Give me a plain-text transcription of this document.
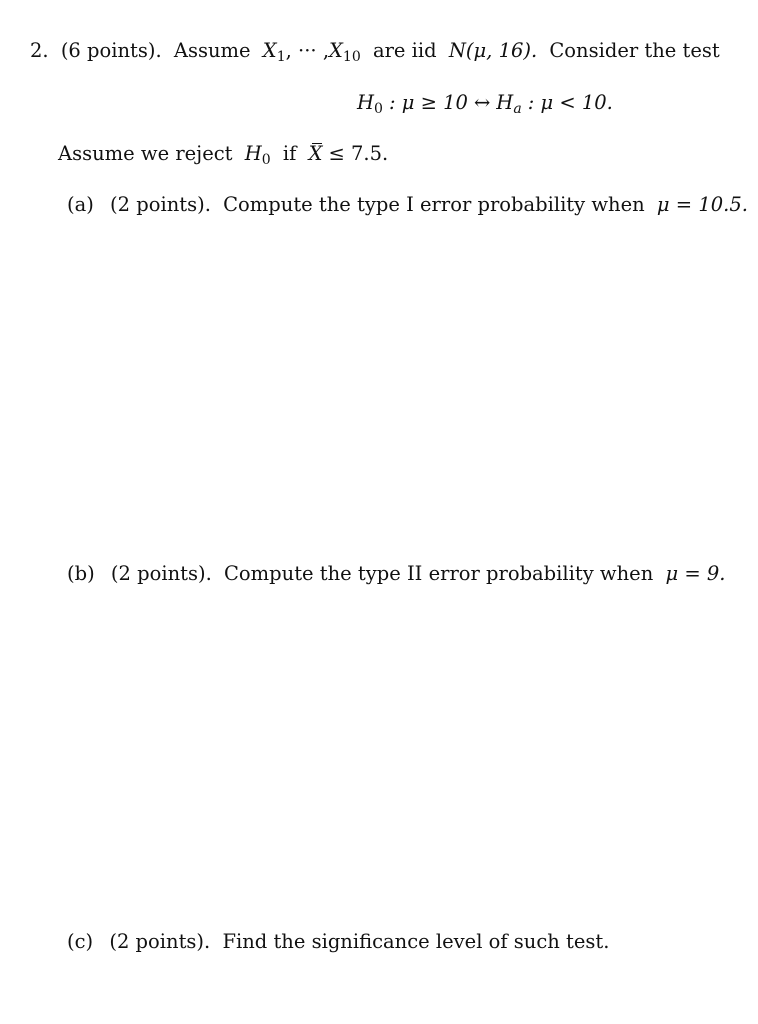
2. (6 points). Assume $X_1$, ··· $,X_{10}$ are iid N(μ, 16). Consider the test
$H_0$ : μ ≥ 10 ↔ $H_a$ : μ < 10.
Assume we reject $H_0$ if X ≤ 7.5.
(a) (2 points). Compute the type I error probability when μ = 10.5.
(b) (2 points). Compute the type II error probability when μ = 9.
(c) (2 points). Find the significance level of such test.
